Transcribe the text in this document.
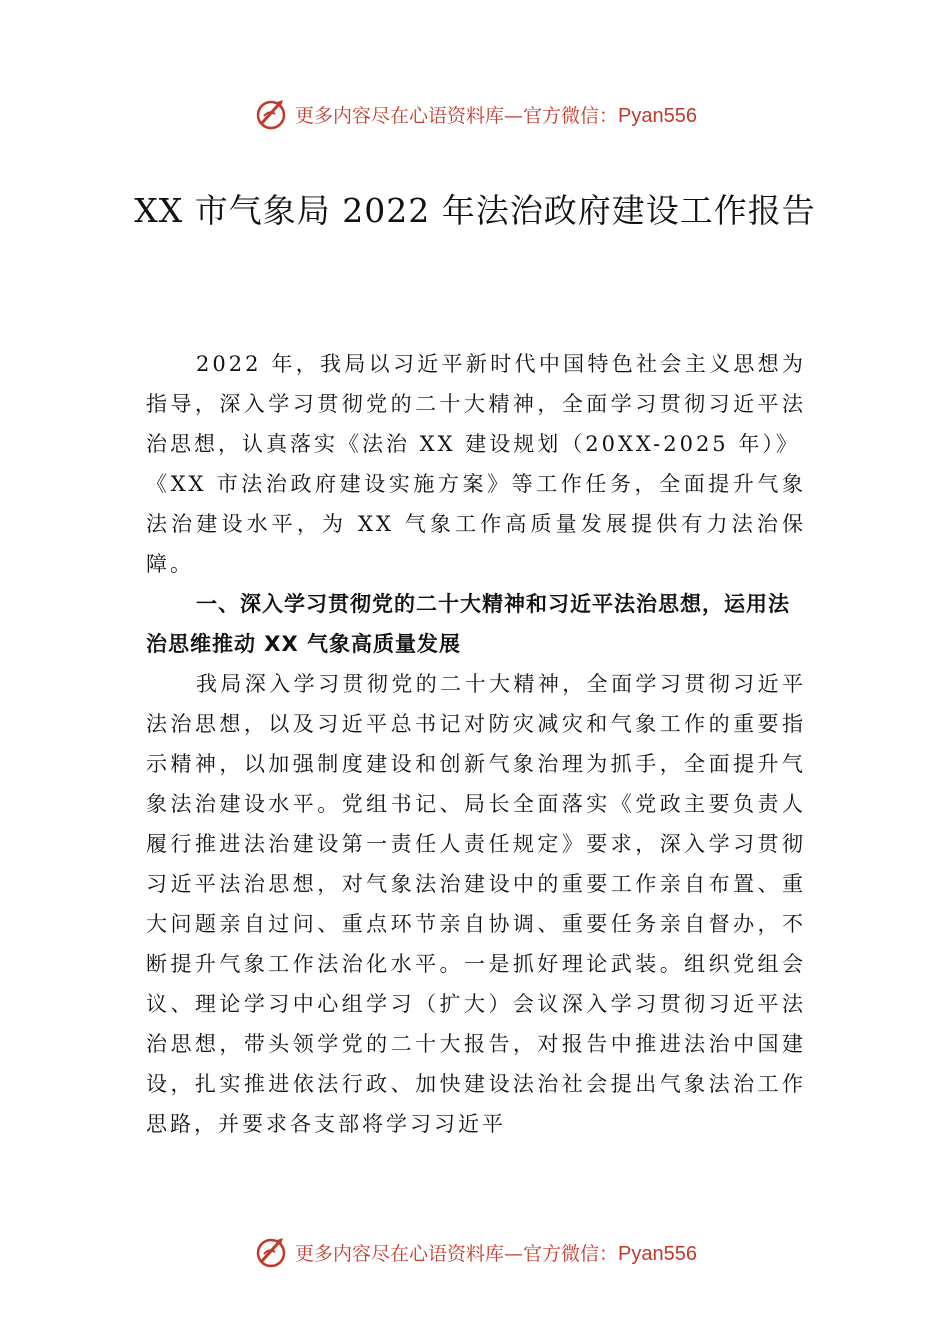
更多内容尽在心语资料库—官方微信：Pyan556
XX 市气象局 2022 年法治政府建设工作报告

2022 年，我局以习近平新时代中国特色社会主义思想为指导，深入学习贯彻党的二十大精神，全面学习贯彻习近平法治思想，认真落实《法治 XX 建设规划（20XX-2025 年）》

《XX 市法治政府建设实施方案》等工作任务，全面提升气象法治建设水平，为 XX 气象工作高质量发展提供有力法治保障。

一、深入学习贯彻党的二十大精神和习近平法治思想，运用法治思维推动 XX 气象高质量发展

我局深入学习贯彻党的二十大精神，全面学习贯彻习近平法治思想，以及习近平总书记对防灾减灾和气象工作的重要指示精神，以加强制度建设和创新气象治理为抓手，全面提升气象法治建设水平。党组书记、局长全面落实《党政主要负责人履行推进法治建设第一责任人责任规定》要求，深入学习贯彻习近平法治思想，对气象法治建设中的重要工作亲自布置、重大问题亲自过问、重点环节亲自协调、重要任务亲自督办，不断提升气象工作法治化水平。一是抓好理论武装。组织党组会议、理论学习中心组学习（扩大）会议深入学习贯彻习近平法治思想，带头领学党的二十大报告，对报告中推进法治中国建设，扎实推进依法行政、加快建设法治社会提出气象法治工作思路，并要求各支部将学习习近平

更多内容尽在心语资料库—官方微信：Pyan556
